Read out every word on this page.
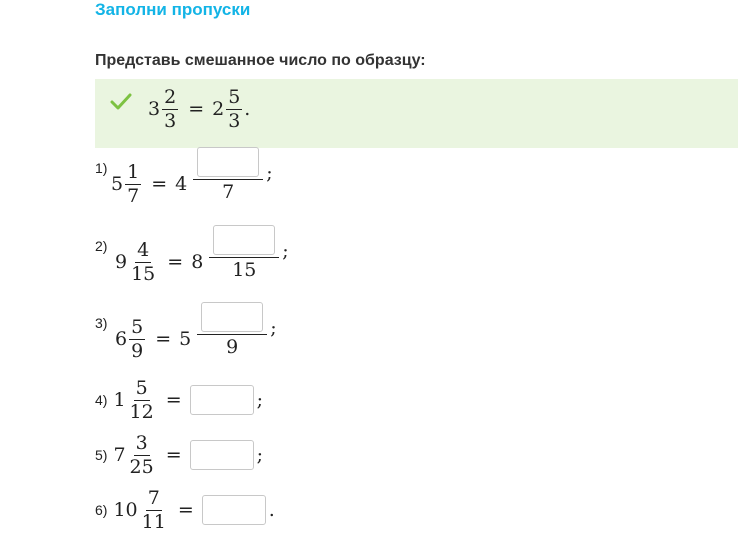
Заполни пропуски
Представь смешанное число по образцу:
$3 \frac{2}{3} = 2 \frac{5}{3}$ .
1)
$5 \frac{1}{7} = 4$ 7
;
2)
$9 \frac{4}{15} = 8$ 15
;
3)
$6 \frac{5}{9} = 5$ 9
;
4) $1 \frac{5}{12}$ =	;
5) $7 \frac{3}{25}$ =	;
6) $10 \frac{7}{11}$ =	.
